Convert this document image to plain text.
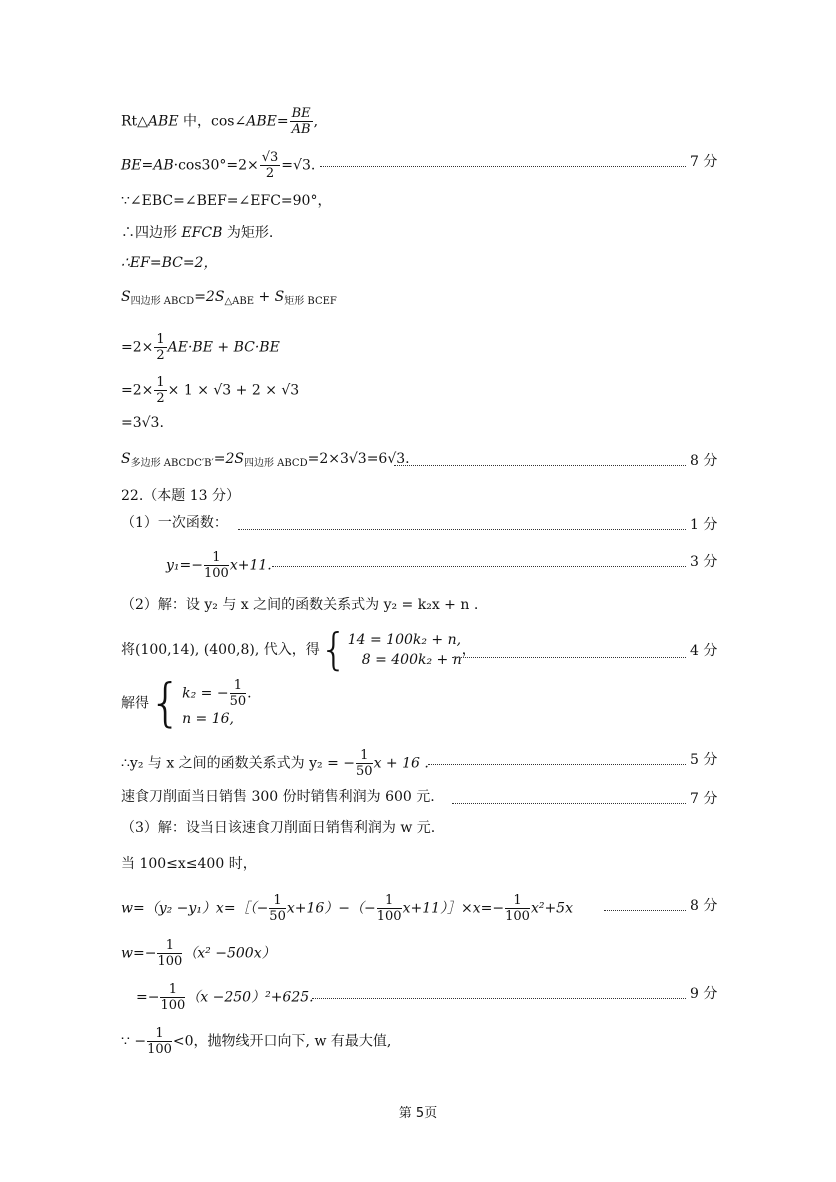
Rt△ABE 中，cos∠ABE= $\frac{BE}{AB}$ ,
$BE=AB\cdot\cos 30^\circ=2\times \frac{√3}{2} =√3$.	7 分
∵∠EBC=∠BEF=∠EFC=90°，
∴四边形 EFCB 为矩形.
∴EF=BC=2，
$S_{四边形 ABCD}=2S_{\triangle ABE} + S_{矩形 BCEF}$
$=2\times \frac{1}{2} AE\cdot BE + BC\cdot BE$
$=2\times \frac{1}{2} \times 1 \times √3 + 2 \times √3$
=3√3.
$S_{多边形 ABCDC'B'}=2S_{四边形 ABCD}=2\times 3√3=6√3$.	8 分
22.（本题 13 分）
（1）一次函数：	1 分
$y_1=- \frac{1}{100} x+11$.	3 分
（2）解：设 y₂ 与 x 之间的函数关系式为 y₂ = k₂x + n .
将(100,14), (400,8), 代入，得{ 14 = 100k₂ + n,
8 = 400k₂ + n
，	4 分
解得{ k₂ = − $\frac{1}{50}$ .
n = 16,
∴y₂ 与 x 之间的函数关系式为 y₂ = − $\frac{1}{50}$ x + 16 .	5 分
速食刀削面当日销售 300 份时销售利润为 600 元.	7 分
（3）解：设当日该速食刀削面日销售利润为 w 元.
当 100≤x≤400 时，
w=（y₂ −y₁）x=［（− $\frac{1}{50} x+16)-(- \frac{1}{100}$ x+11）］×x=− $\frac{1}{100} x^2+5x$	8 分
$w=- \frac{1}{100} (x^2 -500x)$
=− $\frac{1}{100} (x -250)^2+625$.	9 分
∵ − $\frac{1}{100} <0$，抛物线开口向下, w 有最大值,
第 5页
